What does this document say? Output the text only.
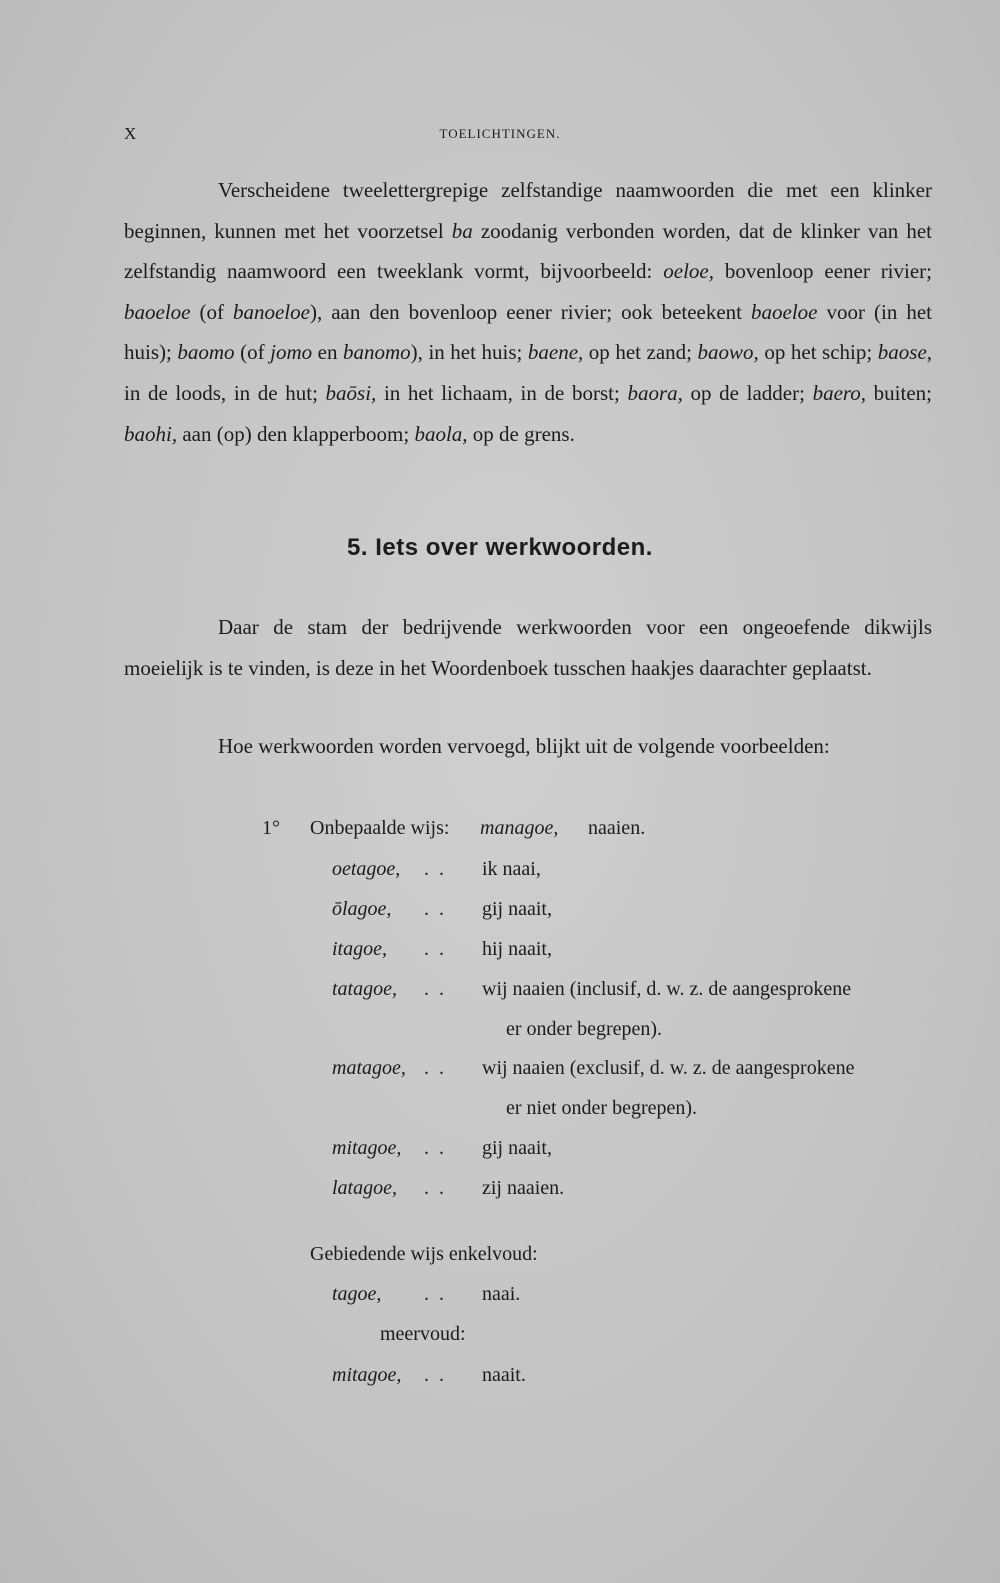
X	TOELICHTINGEN.

Verscheidene tweelettergrepige zelfstandige naamwoorden die met een klinker beginnen, kunnen met het voorzetsel ba zoodanig verbonden worden, dat de klinker van het zelfstandig naamwoord een tweeklank vormt, bijvoorbeeld: oeloe, bovenloop eener rivier; baoeloe (of banoeloe), aan den bovenloop eener rivier; ook beteekent baoeloe voor (in het huis); baomo (of jomo en banomo), in het huis; baene, op het zand; baowo, op het schip; baose, in de loods, in de hut; baōsi, in het lichaam, in de borst; baora, op de ladder; baero, buiten; baohi, aan (op) den klapperboom; baola, op de grens.

5. Iets over werkwoorden.

Daar de stam der bedrijvende werkwoorden voor een ongeoefende dikwijls moeielijk is te vinden, is deze in het Woordenboek tusschen haakjes daarachter geplaatst.

Hoe werkwoorden worden vervoegd, blijkt uit de volgende voorbeelden:

1° Onbepaalde wijs: managoe, naaien.
oetagoe, .. ik naai,
ōlagoe, .. gij naait,
itagoe, .. hij naait,
tatagoe, .. wij naaien (inclusif, d. w. z. de aangesprokene
er onder begrepen).
matagoe, .. wij naaien (exclusif, d. w. z. de aangesprokene
er niet onder begrepen).
mitagoe, .. gij naait,
latagoe, .. zij naaien.
Gebiedende wijs enkelvoud:
tagoe, .. naai.
meervoud:
mitagoe, .. naait.
